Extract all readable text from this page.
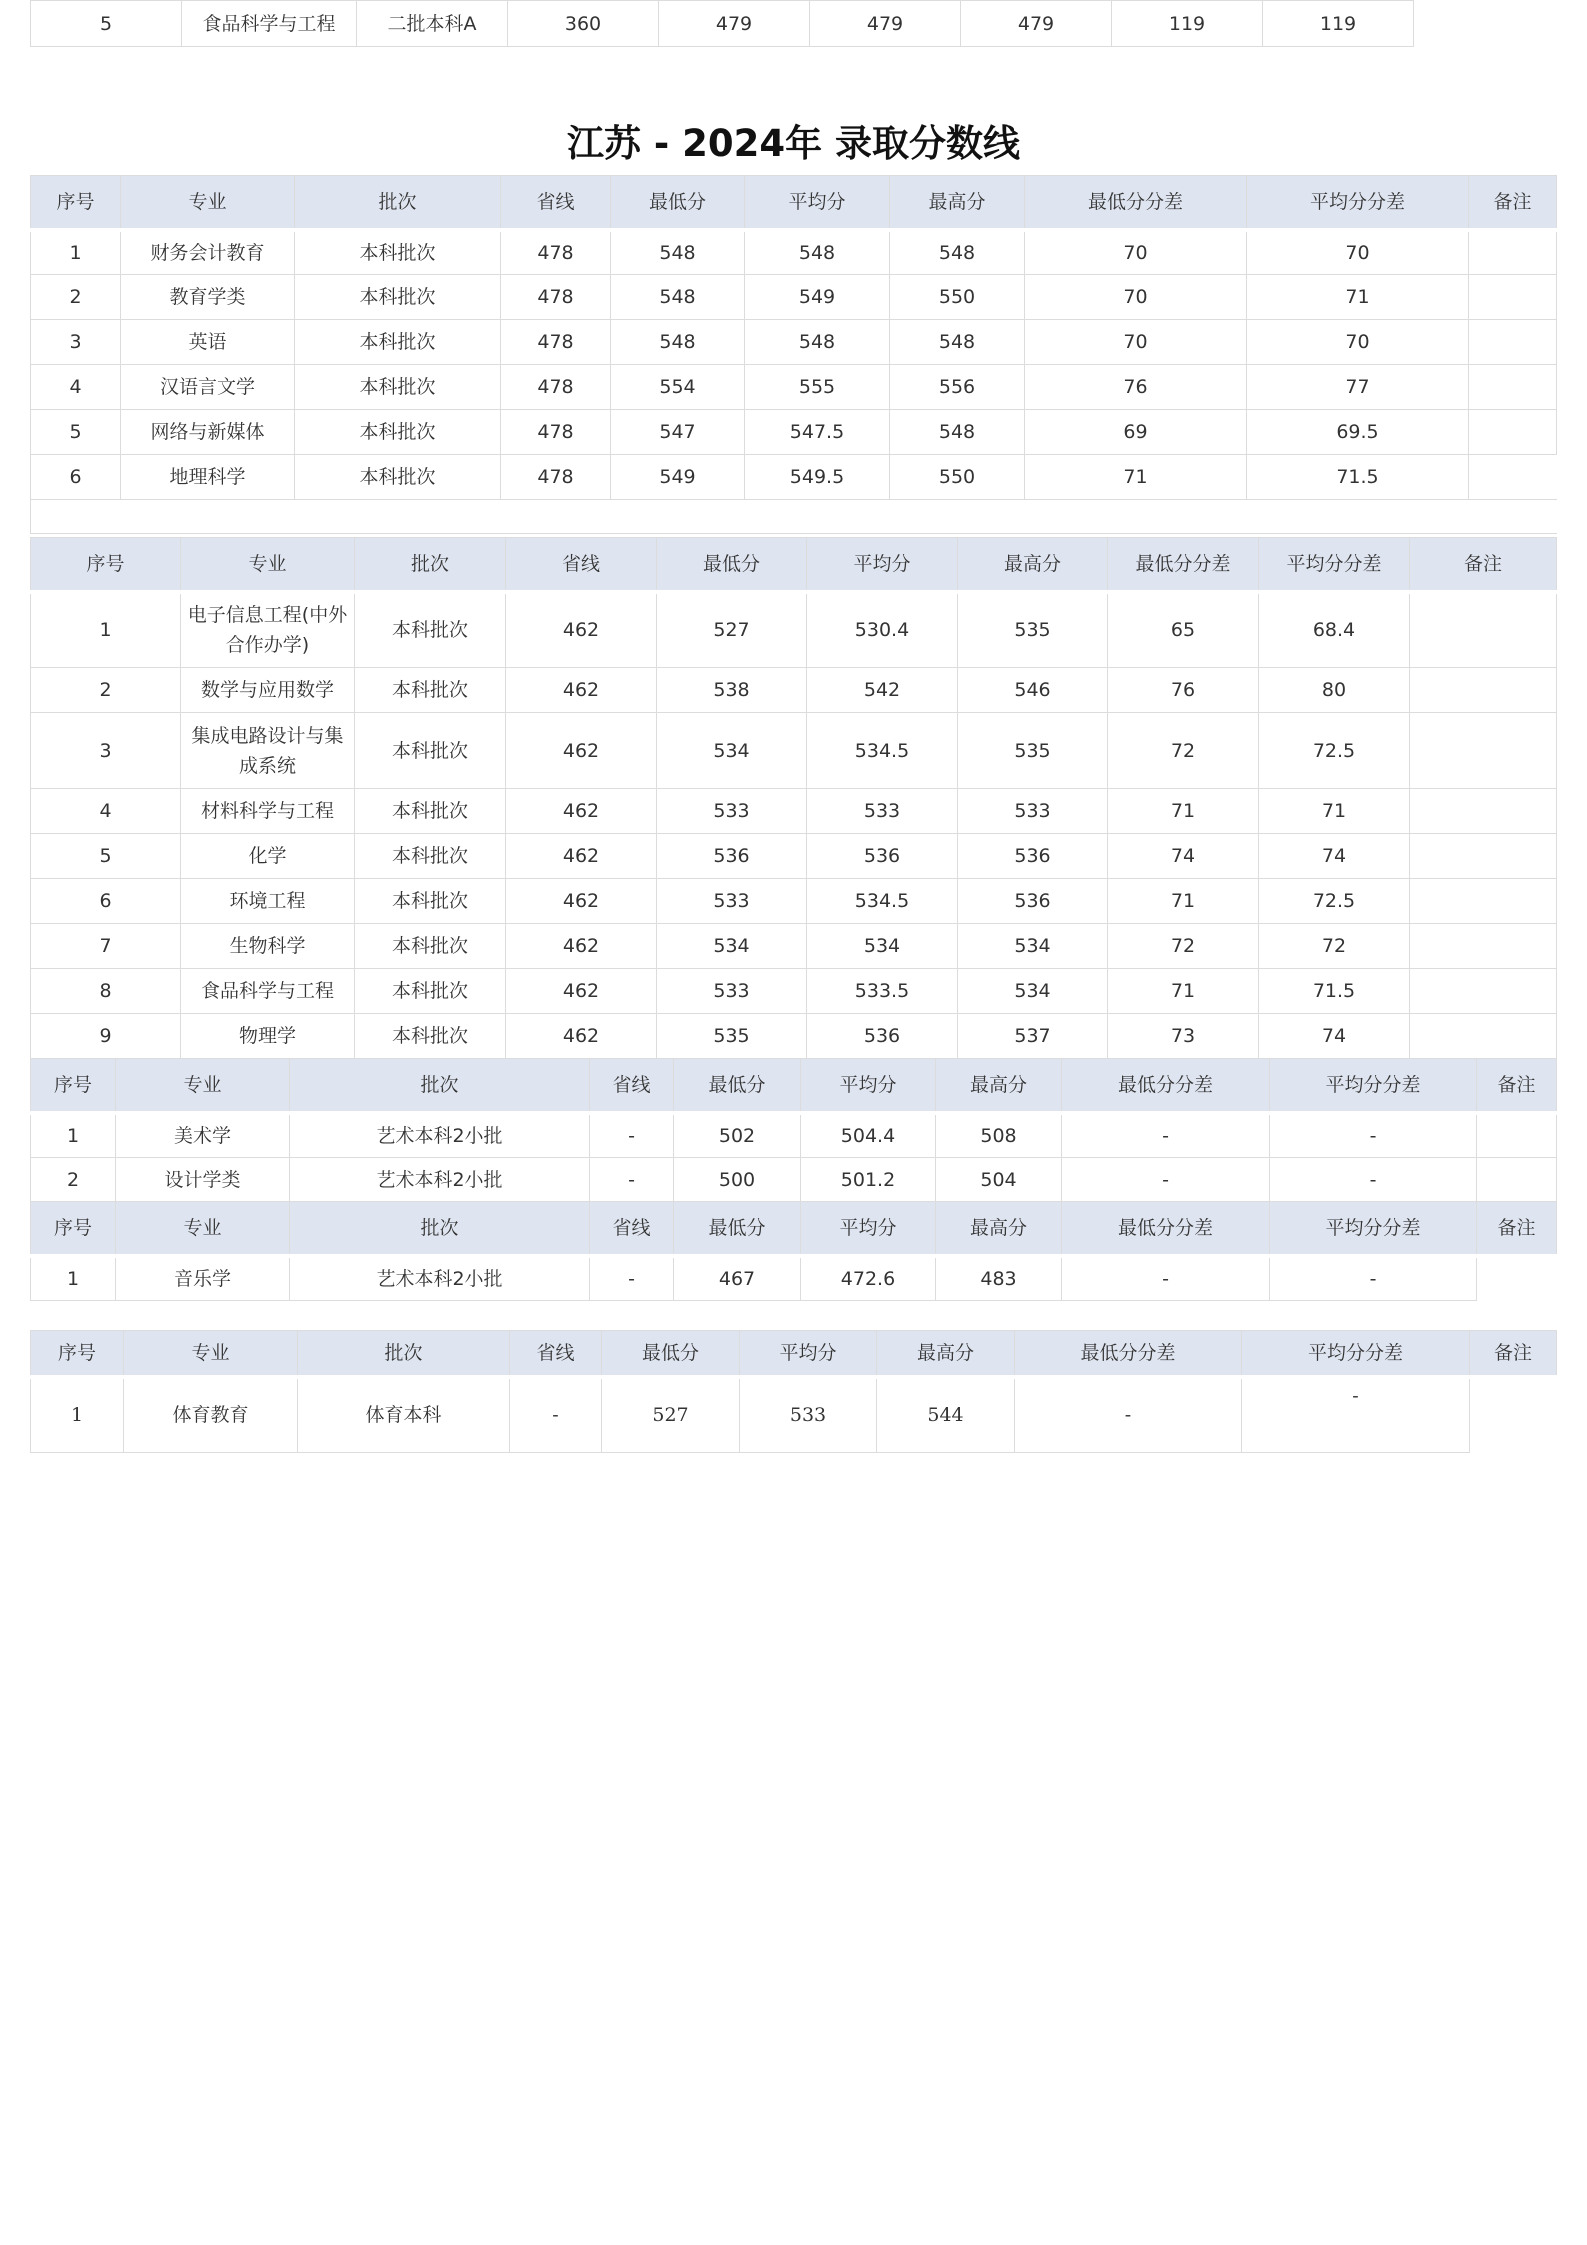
5	食品科学与工程	二批本科A	360	479	479	479	119	119
江苏 - 2024年 录取分数线
序号	专业	批次	省线	最低分	平均分	最高分	最低分分差	平均分分差	备注
1	财务会计教育	本科批次	478	548	548	548	70	70	
2	教育学类	本科批次	478	548	549	550	70	71	
3	英语	本科批次	478	548	548	548	70	70	
4	汉语言文学	本科批次	478	554	555	556	76	77	
5	网络与新媒体	本科批次	478	547	547.5	548	69	69.5	
6	地理科学	本科批次	478	549	549.5	550	71	71.5	

序号	专业	批次	省线	最低分	平均分	最高分	最低分分差	平均分分差	备注
1	电子信息工程(中外合作办学)	本科批次	462	527	530.4	535	65	68.4	
2	数学与应用数学	本科批次	462	538	542	546	76	80	
3	集成电路设计与集成系统	本科批次	462	534	534.5	535	72	72.5	
4	材料科学与工程	本科批次	462	533	533	533	71	71	
5	化学	本科批次	462	536	536	536	74	74	
6	环境工程	本科批次	462	533	534.5	536	71	72.5	
7	生物科学	本科批次	462	534	534	534	72	72	
8	食品科学与工程	本科批次	462	533	533.5	534	71	71.5	
9	物理学	本科批次	462	535	536	537	73	74	
序号	专业	批次	省线	最低分	平均分	最高分	最低分分差	平均分分差	备注
1	美术学	艺术本科2小批	-	502	504.4	508	-	-	
2	设计学类	艺术本科2小批	-	500	501.2	504	-	-	
序号	专业	批次	省线	最低分	平均分	最高分	最低分分差	平均分分差	备注
1	音乐学	艺术本科2小批	-	467	472.6	483	-	-	
序号	专业	批次	省线	最低分	平均分	最高分	最低分分差	平均分分差	备注
1	体育教育	体育本科	-	527	533	544	-	-	
